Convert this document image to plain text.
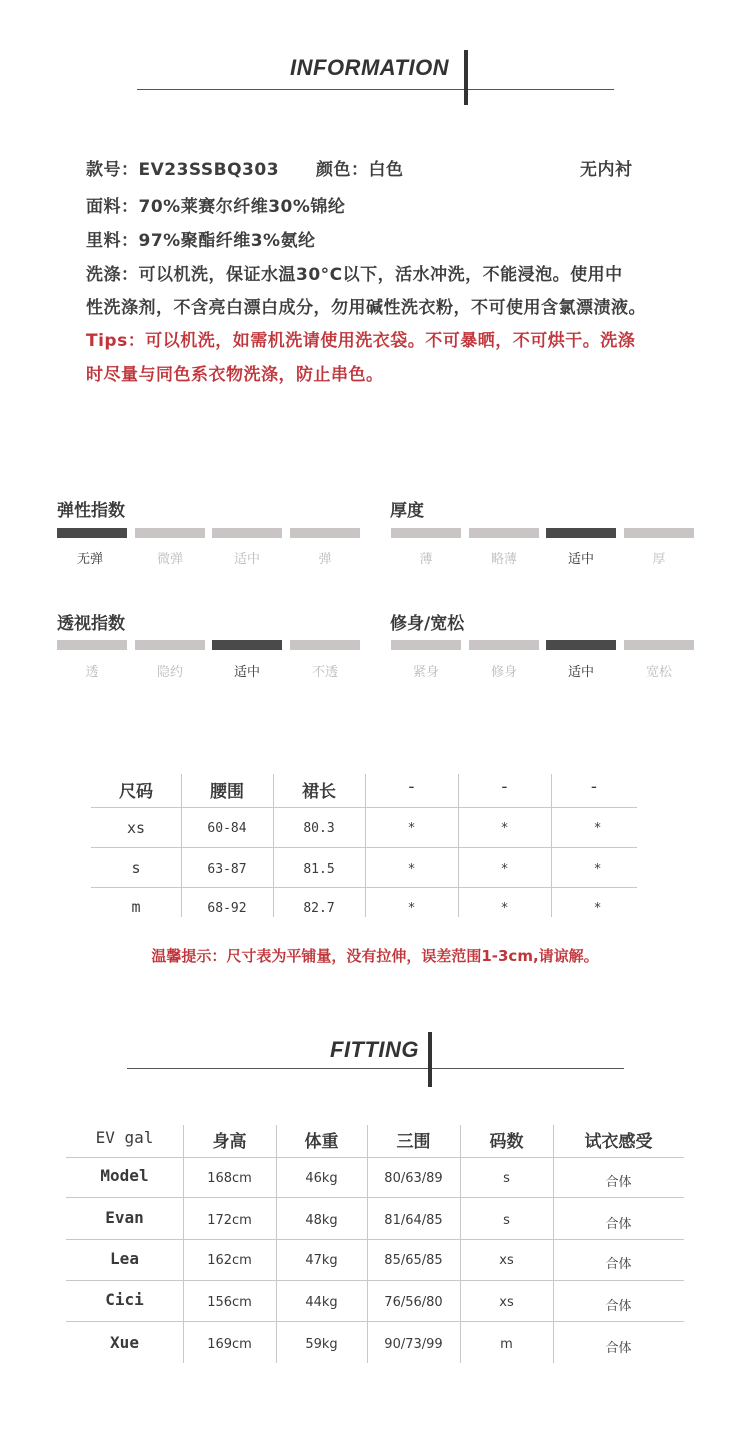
INFORMATION
款号：EV23SSBQ303 颜色：白色	无内衬
面料：70%莱赛尔纤维30%锦纶
里料：97%聚酯纤维3%氨纶
洗涤：可以机洗，保证水温30°C以下，活水冲洗，不能浸泡。使用中
性洗涤剂，不含亮白漂白成分，勿用碱性洗衣粉，不可使用含氯漂渍液。
Tips：可以机洗，如需机洗请使用洗衣袋。不可暴晒，不可烘干。洗涤
时尽量与同色系衣物洗涤，防止串色。
弹性指数
无弹	微弹	适中	弹
厚度
薄	略薄	适中	厚
透视指数
透	隐约	适中	不透
修身/宽松
紧身	修身	适中	宽松
尺码	腰围	裙长	-	-	-
xs	60-84	80.3	*	*	*
s	63-87	81.5	*	*	*
m	68-92	82.7	*	*	*
温馨提示：尺寸表为平铺量，没有拉伸，误差范围1-3cm,请谅解。
FITTING
EV gal	身高	体重	三围	码数	试衣感受
Model	168cm	46kg	80/63/89	s	合体
Evan	172cm	48kg	81/64/85	s	合体
Lea	162cm	47kg	85/65/85	xs	合体
Cici	156cm	44kg	76/56/80	xs	合体
Xue	169cm	59kg	90/73/99	m	合体
